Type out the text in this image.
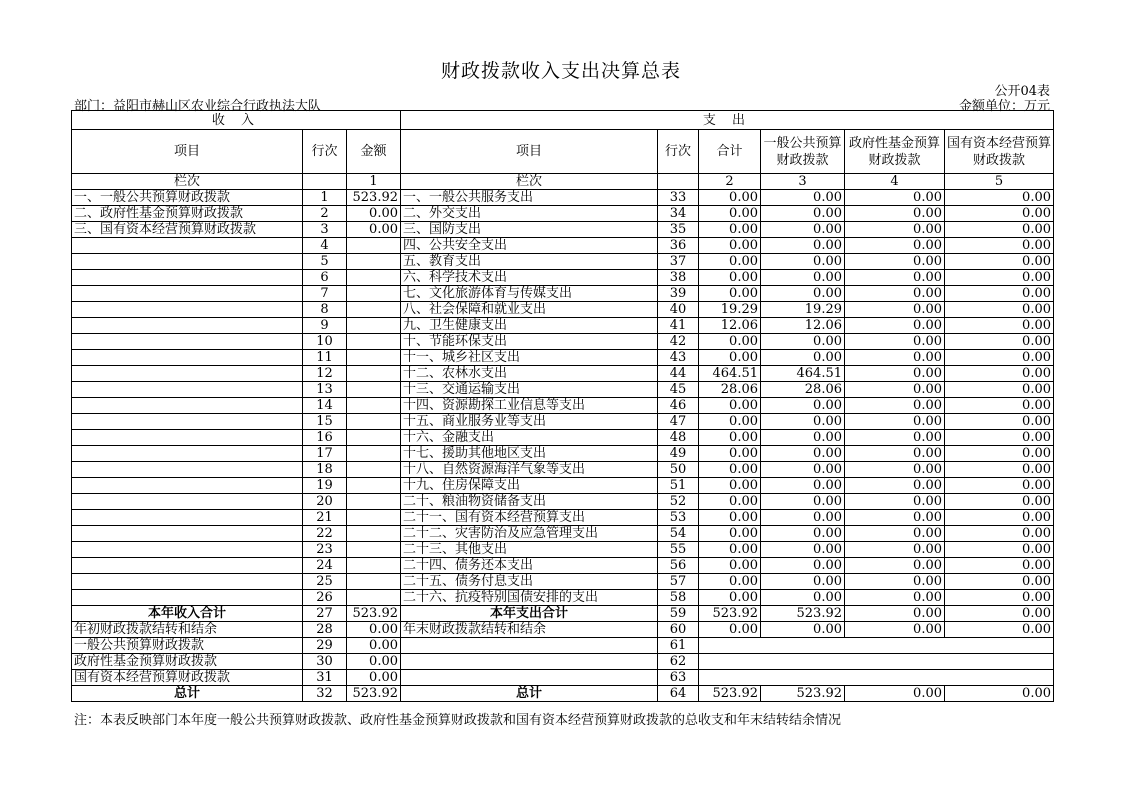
财政拨款收入支出决算总表
公开04表
部门：益阳市赫山区农业综合行政执法大队	金额单位：万元
收 入			支 出					
项目	行次	金额	项目	行次	合计	一般公共预算财政拨款	政府性基金预算财政拨款	国有资本经营预算财政拨款
栏次		1	栏次		2	3	4	5
一、一般公共预算财政拨款	1	523.92	一、一般公共服务支出	33	0.00	0.00	0.00	0.00
二、政府性基金预算财政拨款	2	0.00	二、外交支出	34	0.00	0.00	0.00	0.00
三、国有资本经营预算财政拨款	3	0.00	三、国防支出	35	0.00	0.00	0.00	0.00
	4		四、公共安全支出	36	0.00	0.00	0.00	0.00
	5		五、教育支出	37	0.00	0.00	0.00	0.00
	6		六、科学技术支出	38	0.00	0.00	0.00	0.00
	7		七、文化旅游体育与传媒支出	39	0.00	0.00	0.00	0.00
	8		八、社会保障和就业支出	40	19.29	19.29	0.00	0.00
	9		九、卫生健康支出	41	12.06	12.06	0.00	0.00
	10		十、节能环保支出	42	0.00	0.00	0.00	0.00
	11		十一、城乡社区支出	43	0.00	0.00	0.00	0.00
	12		十二、农林水支出	44	464.51	464.51	0.00	0.00
	13		十三、交通运输支出	45	28.06	28.06	0.00	0.00
	14		十四、资源勘探工业信息等支出	46	0.00	0.00	0.00	0.00
	15		十五、商业服务业等支出	47	0.00	0.00	0.00	0.00
	16		十六、金融支出	48	0.00	0.00	0.00	0.00
	17		十七、援助其他地区支出	49	0.00	0.00	0.00	0.00
	18		十八、自然资源海洋气象等支出	50	0.00	0.00	0.00	0.00
	19		十九、住房保障支出	51	0.00	0.00	0.00	0.00
	20		二十、粮油物资储备支出	52	0.00	0.00	0.00	0.00
	21		二十一、国有资本经营预算支出	53	0.00	0.00	0.00	0.00
	22		二十二、灾害防治及应急管理支出	54	0.00	0.00	0.00	0.00
	23		二十三、其他支出	55	0.00	0.00	0.00	0.00
	24		二十四、债务还本支出	56	0.00	0.00	0.00	0.00
	25		二十五、债务付息支出	57	0.00	0.00	0.00	0.00
	26		二十六、抗疫特别国债安排的支出	58	0.00	0.00	0.00	0.00
本年收入合计	27	523.92	本年支出合计	59	523.92	523.92	0.00	0.00
年初财政拨款结转和结余	28	0.00	年末财政拨款结转和结余	60	0.00	0.00	0.00	0.00
一般公共预算财政拨款	29	0.00		61				
政府性基金预算财政拨款	30	0.00		62				
国有资本经营预算财政拨款	31	0.00		63				
总计	32	523.92	总计	64	523.92	523.92	0.00	0.00
注：本表反映部门本年度一般公共预算财政拨款、政府性基金预算财政拨款和国有资本经营预算财政拨款的总收支和年末结转结余情况
